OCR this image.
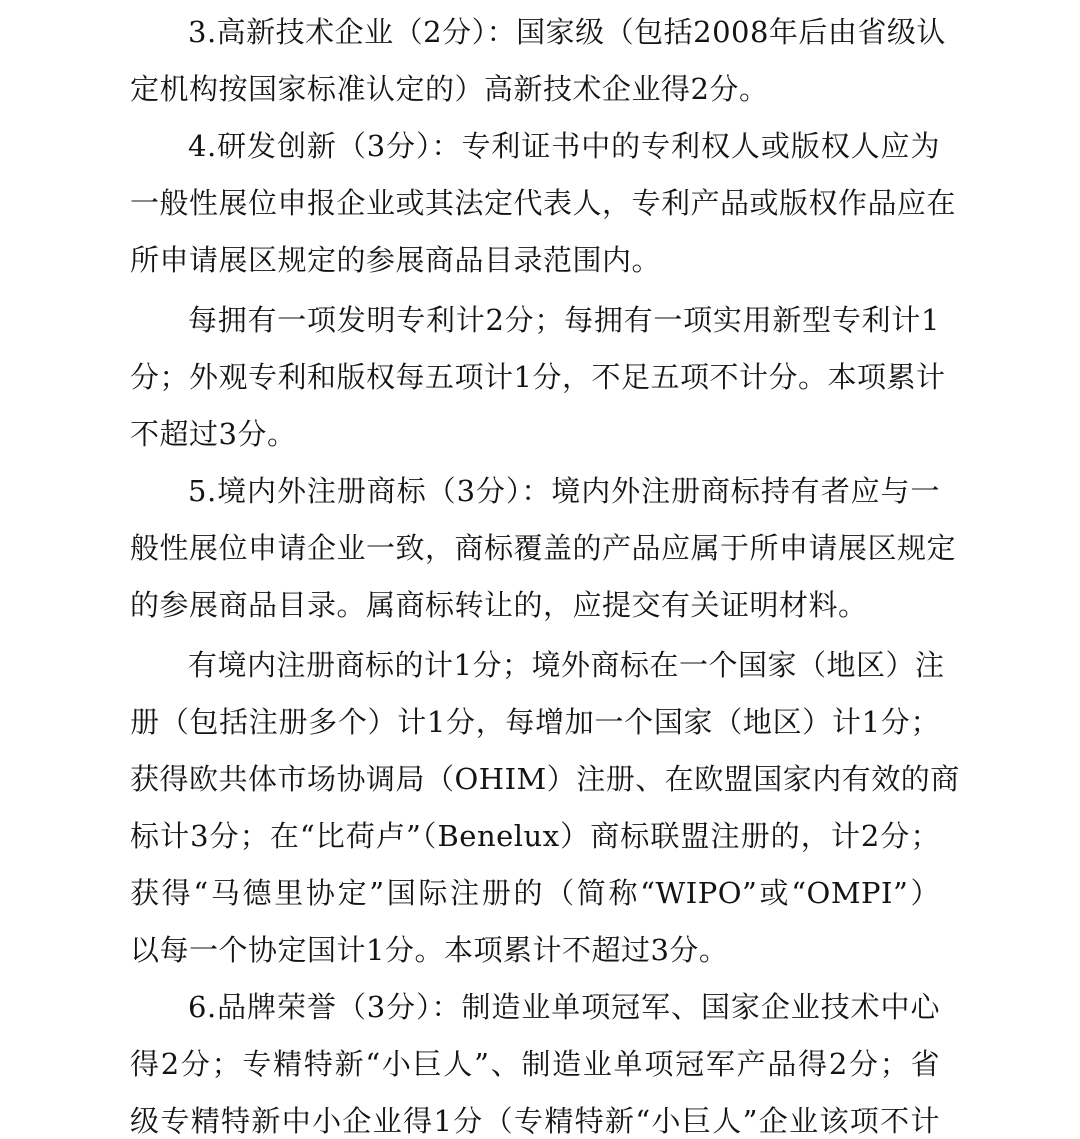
3.高新技术企业（2分）：国家级（包括2008年后由省级认
定机构按国家标准认定的）高新技术企业得2分。
4.研发创新（3分）：专利证书中的专利权人或版权人应为
一般性展位申报企业或其法定代表人，专利产品或版权作品应在
所申请展区规定的参展商品目录范围内。
每拥有一项发明专利计2分；每拥有一项实用新型专利计1
分；外观专利和版权每五项计1分，不足五项不计分。本项累计
不超过3分。
5.境内外注册商标（3分）：境内外注册商标持有者应与一
般性展位申请企业一致，商标覆盖的产品应属于所申请展区规定
的参展商品目录。属商标转让的，应提交有关证明材料。
有境内注册商标的计1分；境外商标在一个国家（地区）注
册（包括注册多个）计1分，每增加一个国家（地区）计1分；
获得欧共体市场协调局（OHIM）注册、在欧盟国家内有效的商
标计3分；在“比荷卢”（Benelux）商标联盟注册的，计2分；
获得“马德里协定”国际注册的（简称“WIPO”或“OMPI”）
以每一个协定国计1分。本项累计不超过3分。
6.品牌荣誉（3分）：制造业单项冠军、国家企业技术中心
得2分；专精特新“小巨人”、制造业单项冠军产品得2分；省
级专精特新中小企业得1分（专精特新“小巨人”企业该项不计
